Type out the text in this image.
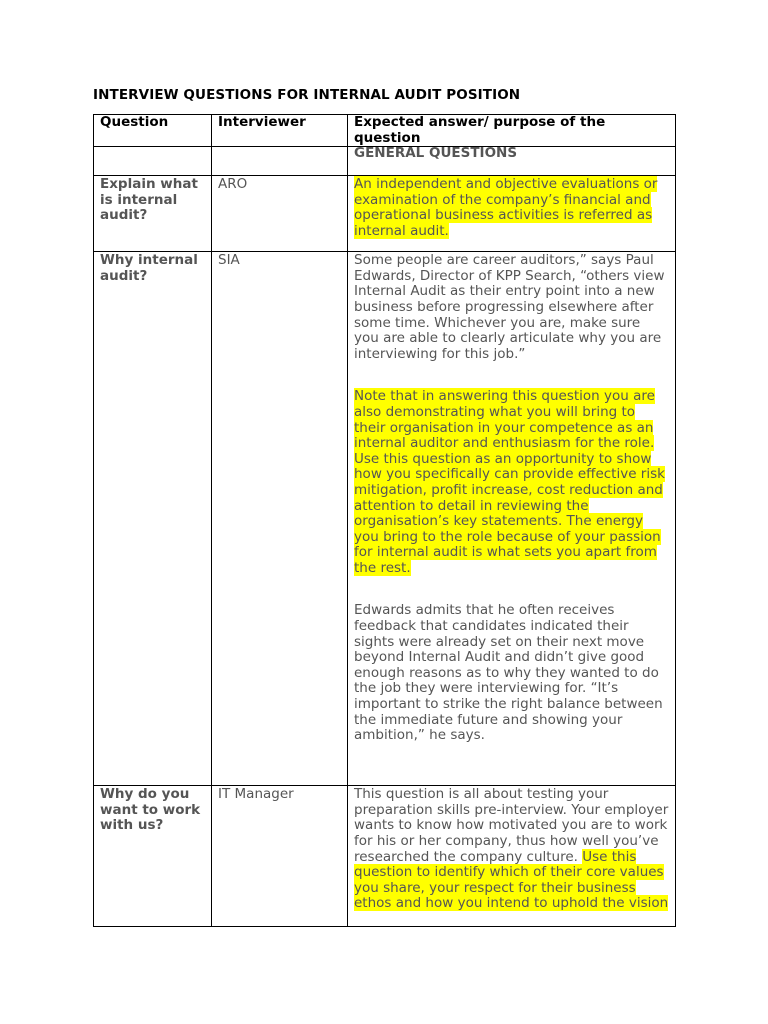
INTERVIEW QUESTIONS FOR INTERNAL AUDIT POSITION
Question	Interviewer	Expected answer/ purpose of the question

		GENERAL QUESTIONS

Explain what is internal audit?	ARO	An independent and objective evaluations or examination of the company’s financial and operational business activities is referred as internal audit.

Why internal audit?	SIA	Some people are career auditors,” says Paul Edwards, Director of KPP Search, “others view Internal Audit as their entry point into a new business before progressing elsewhere after some time. Whichever you are, make sure you are able to clearly articulate why you are interviewing for this job.”
Note that in answering this question you are also demonstrating what you will bring to their organisation in your competence as an internal auditor and enthusiasm for the role. Use this question as an opportunity to show how you specifically can provide effective risk mitigation, profit increase, cost reduction and attention to detail in reviewing the organisation’s key statements. The energy you bring to the role because of your passion for internal audit is what sets you apart from the rest.
Edwards admits that he often receives feedback that candidates indicated their sights were already set on their next move beyond Internal Audit and didn’t give good enough reasons as to why they wanted to do the job they were interviewing for. “It’s important to strike the right balance between the immediate future and showing your ambition,” he says.

Why do you want to work with us?	IT Manager	This question is all about testing your preparation skills pre-interview. Your employer wants to know how motivated you are to work for his or her company, thus how well you’ve researched the company culture. Use this question to identify which of their core values you share, your respect for their business ethos and how you intend to uphold the vision
